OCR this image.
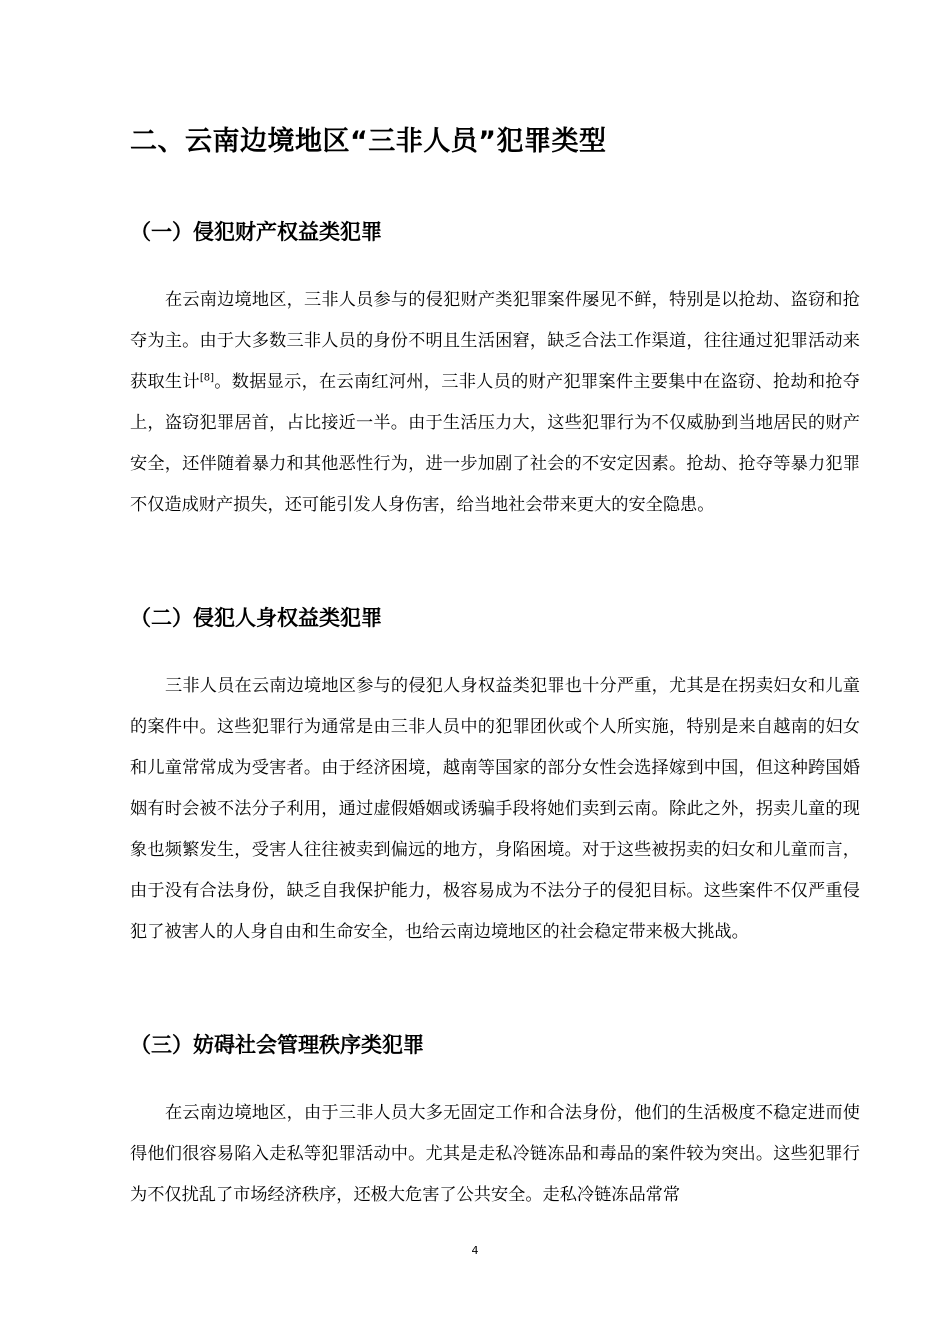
二、云南边境地区“三非人员”犯罪类型
（一）侵犯财产权益类犯罪

在云南边境地区，三非人员参与的侵犯财产类犯罪案件屡见不鲜，特别是以抢劫、盗窃和抢夺为主。由于大多数三非人员的身份不明且生活困窘，缺乏合法工作渠道，往往通过犯罪活动来获取生计[8]。数据显示，在云南红河州，三非人员的财产犯罪案件主要集中在盗窃、抢劫和抢夺上，盗窃犯罪居首，占比接近一半。由于生活压力大，这些犯罪行为不仅威胁到当地居民的财产安全，还伴随着暴力和其他恶性行为，进一步加剧了社会的不安定因素。抢劫、抢夺等暴力犯罪不仅造成财产损失，还可能引发人身伤害，给当地社会带来更大的安全隐患。

（二）侵犯人身权益类犯罪

三非人员在云南边境地区参与的侵犯人身权益类犯罪也十分严重，尤其是在拐卖妇女和儿童的案件中。这些犯罪行为通常是由三非人员中的犯罪团伙或个人所实施，特别是来自越南的妇女和儿童常常成为受害者。由于经济困境，越南等国家的部分女性会选择嫁到中国，但这种跨国婚姻有时会被不法分子利用，通过虚假婚姻或诱骗手段将她们卖到云南。除此之外，拐卖儿童的现象也频繁发生，受害人往往被卖到偏远的地方，身陷困境。对于这些被拐卖的妇女和儿童而言，由于没有合法身份，缺乏自我保护能力，极容易成为不法分子的侵犯目标。这些案件不仅严重侵犯了被害人的人身自由和生命安全，也给云南边境地区的社会稳定带来极大挑战。

（三）妨碍社会管理秩序类犯罪

在云南边境地区，由于三非人员大多无固定工作和合法身份，他们的生活极度不稳定进而使得他们很容易陷入走私等犯罪活动中。尤其是走私冷链冻品和毒品的案件较为突出。这些犯罪行为不仅扰乱了市场经济秩序，还极大危害了公共安全。走私冷链冻品常常

4
